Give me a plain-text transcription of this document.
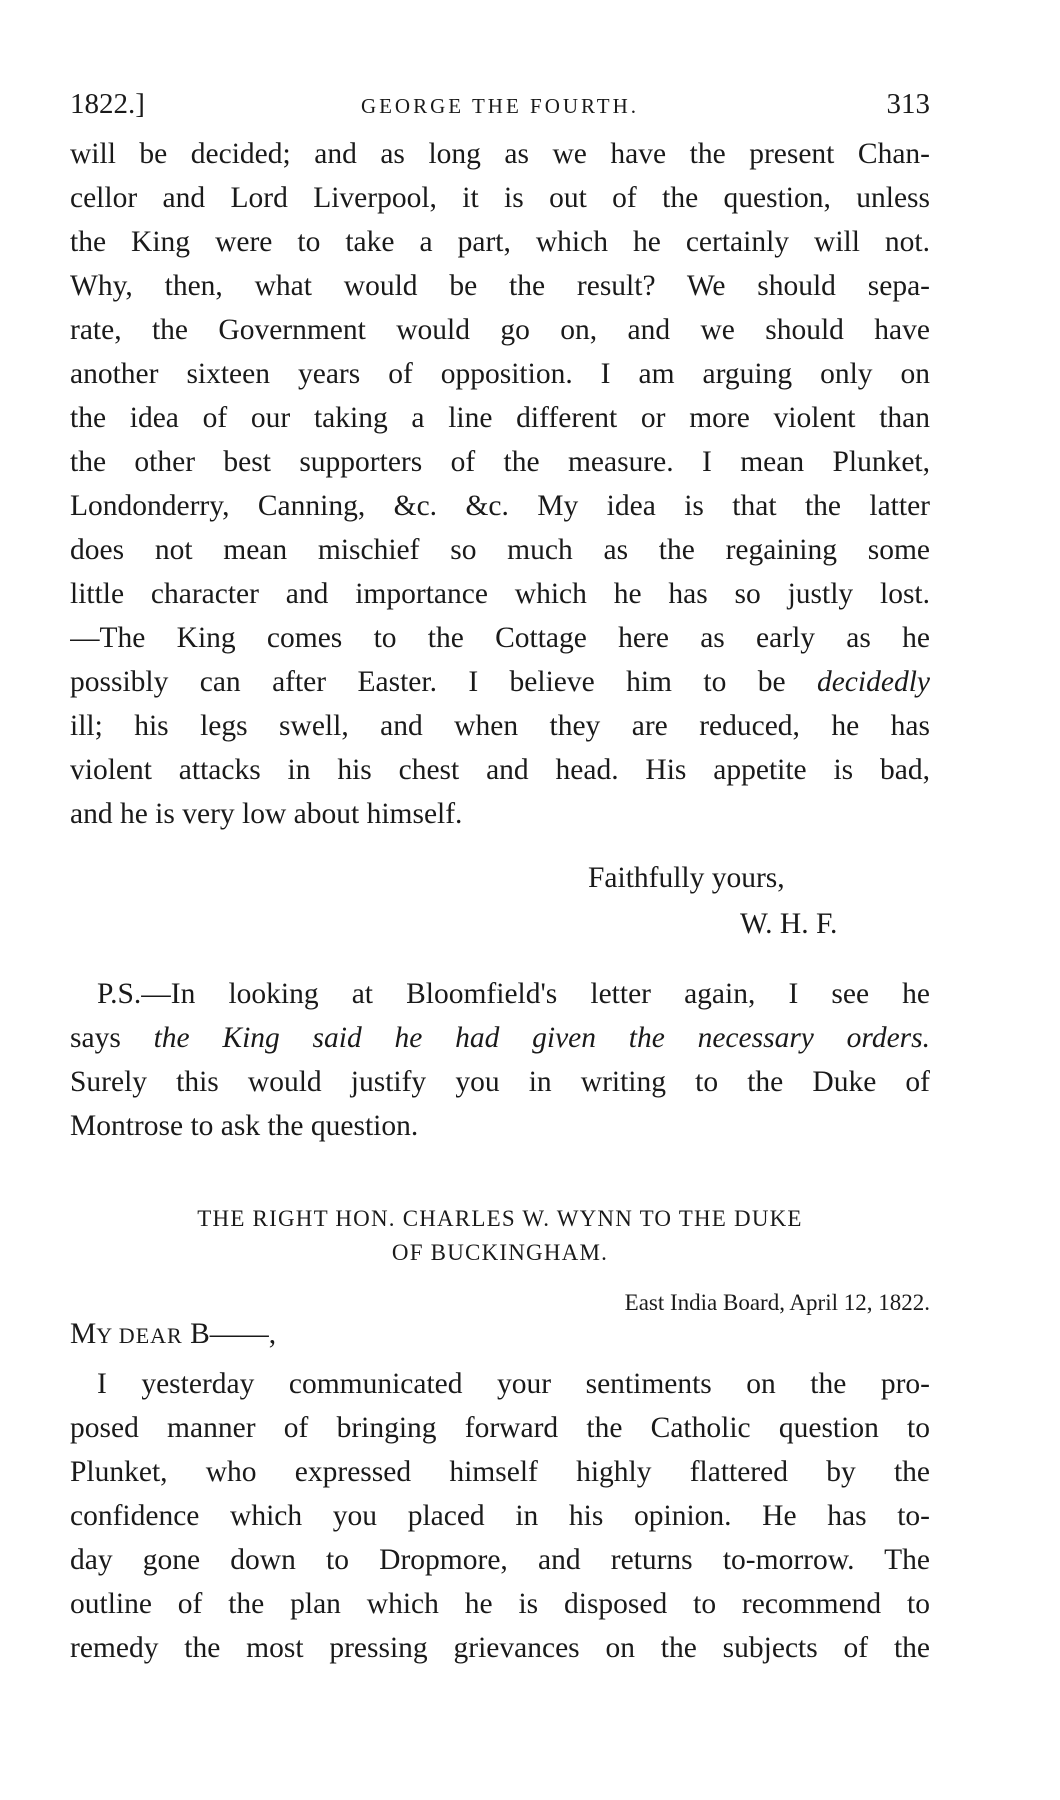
1822.]	GEORGE THE FOURTH.	313
will be decided; and as long as we have the present Chan-
cellor and Lord Liverpool, it is out of the question, unless
the King were to take a part, which he certainly will not.
Why, then, what would be the result? We should sepa-
rate, the Government would go on, and we should have
another sixteen years of opposition. I am arguing only on
the idea of our taking a line different or more violent than
the other best supporters of the measure. I mean Plunket,
Londonderry, Canning, &c. &c. My idea is that the latter
does not mean mischief so much as the regaining some
little character and importance which he has so justly lost.
—The King comes to the Cottage here as early as he
possibly can after Easter. I believe him to be decidedly
ill; his legs swell, and when they are reduced, he has
violent attacks in his chest and head. His appetite is bad,
and he is very low about himself.
Faithfully yours,
W. H. F.
P.S.—In looking at Bloomfield's letter again, I see he
says the King said he had given the necessary orders.
Surely this would justify you in writing to the Duke of
Montrose to ask the question.
THE RIGHT HON. CHARLES W. WYNN TO THE DUKE
OF BUCKINGHAM.
East India Board, April 12, 1822.
MY DEAR B——,
I yesterday communicated your sentiments on the pro-
posed manner of bringing forward the Catholic question to
Plunket, who expressed himself highly flattered by the
confidence which you placed in his opinion. He has to-
day gone down to Dropmore, and returns to-morrow. The
outline of the plan which he is disposed to recommend to
remedy the most pressing grievances on the subjects of the
